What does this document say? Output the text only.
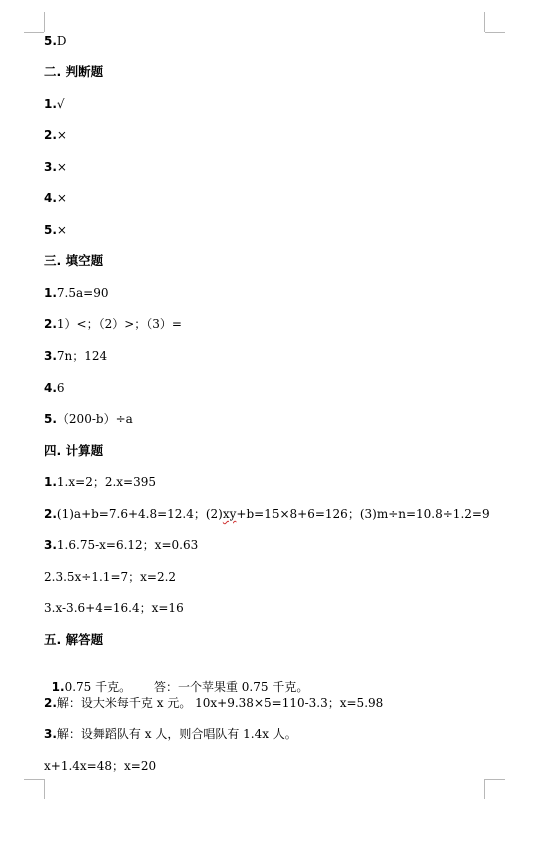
5.D
二. 判断题
1.√
2.×
3.×
4.×
5.×
三. 填空题
1.7.5a=90
2.1）<；（2）>；（3）=
3.7n；124
4.6
5.（200-b）÷a
四. 计算题
1.1.x=2；2.x=395
2.(1)a+b=7.6+4.8=12.4；(2)xy+b=15×8+6=126；(3)m÷n=10.8÷1.2=9
3.1.6.75-x=6.12；x=0.63
2.3.5x÷1.1=7；x=2.2
3.x-3.6+4=16.4；x=16
五. 解答题

1.0.75 千克。      答：一个苹果重 0.75 千克。

2.解：设大米每千克 x 元。 10x+9.38×5=110-3.3；x=5.98
3.解：设舞蹈队有 x 人，则合唱队有 1.4x 人。
x+1.4x=48；x=20
